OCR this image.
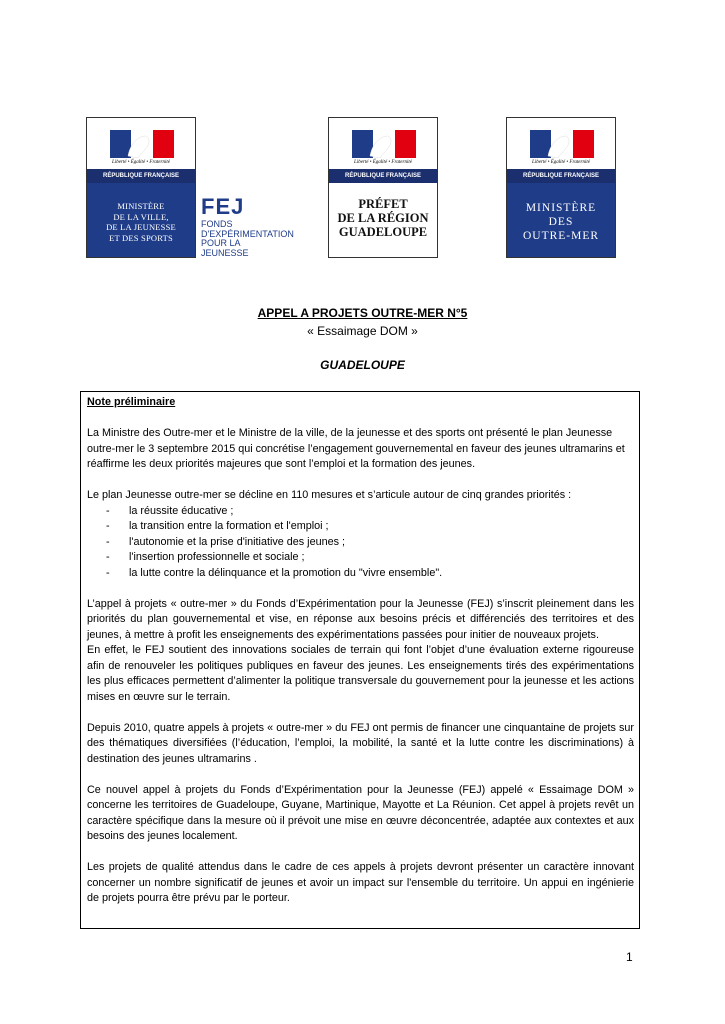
Liberté • Égalité • Fraternité
RÉPUBLIQUE FRANÇAISE
MINISTÈRE
DE LA VILLE,
DE LA JEUNESSE
ET DES SPORTS
FEJ
FONDS
D'EXPÉRIMENTATION
POUR LA
JEUNESSE
Liberté • Égalité • Fraternité
RÉPUBLIQUE FRANÇAISE
PRÉFET
DE LA RÉGION
GUADELOUPE
Liberté • Égalité • Fraternité
RÉPUBLIQUE FRANÇAISE
MINISTÈRE
DES
OUTRE-MER
APPEL A PROJETS OUTRE-MER N°5
« Essaimage DOM »
GUADELOUPE

Note préliminaire

La Ministre des Outre-mer et le Ministre de la ville, de la jeunesse et des sports ont présenté le plan Jeunesse outre-mer le 3 septembre 2015 qui concrétise l’engagement gouvernemental en faveur des jeunes ultramarins et réaffirme les deux priorités majeures que sont l’emploi et la formation des jeunes.

Le plan Jeunesse outre-mer se décline en 110 mesures et s’articule autour de cinq grandes priorités :

- la réussite éducative ;
- la transition entre la formation et l'emploi ;
- l'autonomie et la prise d'initiative des jeunes ;
- l'insertion professionnelle et sociale ;
- la lutte contre la délinquance et la promotion du "vivre ensemble".

L’appel à projets « outre-mer » du Fonds d’Expérimentation pour la Jeunesse (FEJ) s’inscrit pleinement dans les priorités du plan gouvernemental et vise, en réponse aux besoins précis et différenciés des territoires et des jeunes, à mettre à profit les enseignements des expérimentations passées pour initier de nouveaux projets.

En effet, le FEJ soutient des innovations sociales de terrain qui font l’objet d’une évaluation externe rigoureuse afin de renouveler les politiques publiques en faveur des jeunes. Les enseignements tirés des expérimentations les plus efficaces permettent d’alimenter la politique transversale du gouvernement pour la jeunesse et les actions mises en œuvre sur le terrain.

Depuis 2010, quatre appels à projets « outre-mer » du FEJ ont permis de financer une cinquantaine de projets sur des thématiques diversifiées (l’éducation, l’emploi, la mobilité, la santé et la lutte contre les discriminations) à destination des jeunes ultramarins .

Ce nouvel appel à projets du Fonds d’Expérimentation pour la Jeunesse (FEJ) appelé « Essaimage DOM » concerne les territoires de Guadeloupe, Guyane, Martinique, Mayotte et La Réunion. Cet appel à projets revêt un caractère spécifique dans la mesure où il prévoit une mise en œuvre déconcentrée, adaptée aux contextes et aux besoins des jeunes localement.

Les projets de qualité attendus dans le cadre de ces appels à projets devront présenter un caractère innovant concerner un nombre significatif de jeunes et avoir un impact sur l'ensemble du territoire. Un appui en ingénierie de projets pourra être prévu par le porteur.

1
